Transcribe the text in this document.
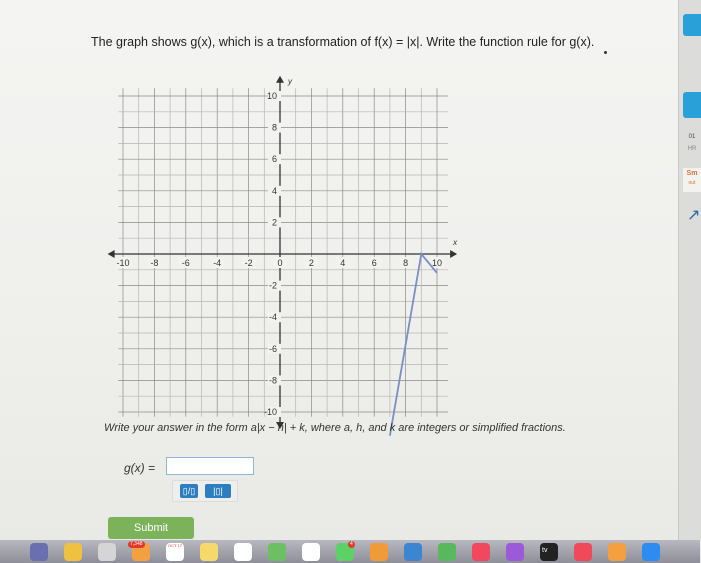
The graph shows g(x), which is a transformation of f(x) = |x|. Write the function rule for g(x).
x
y
-10 -8	-6	-4	-2	0	2	4	6	8	10
10
8
6
4
2
-2
-4
-6
-8
-10
Write your answer in the form a|x − h| + k, where a, h, and k are integers or simplified fractions.
g(x) =
▯/▯	|▯|
Submit
01
HR
Sm
out
↗
7,348	OCT 17	4
tv
